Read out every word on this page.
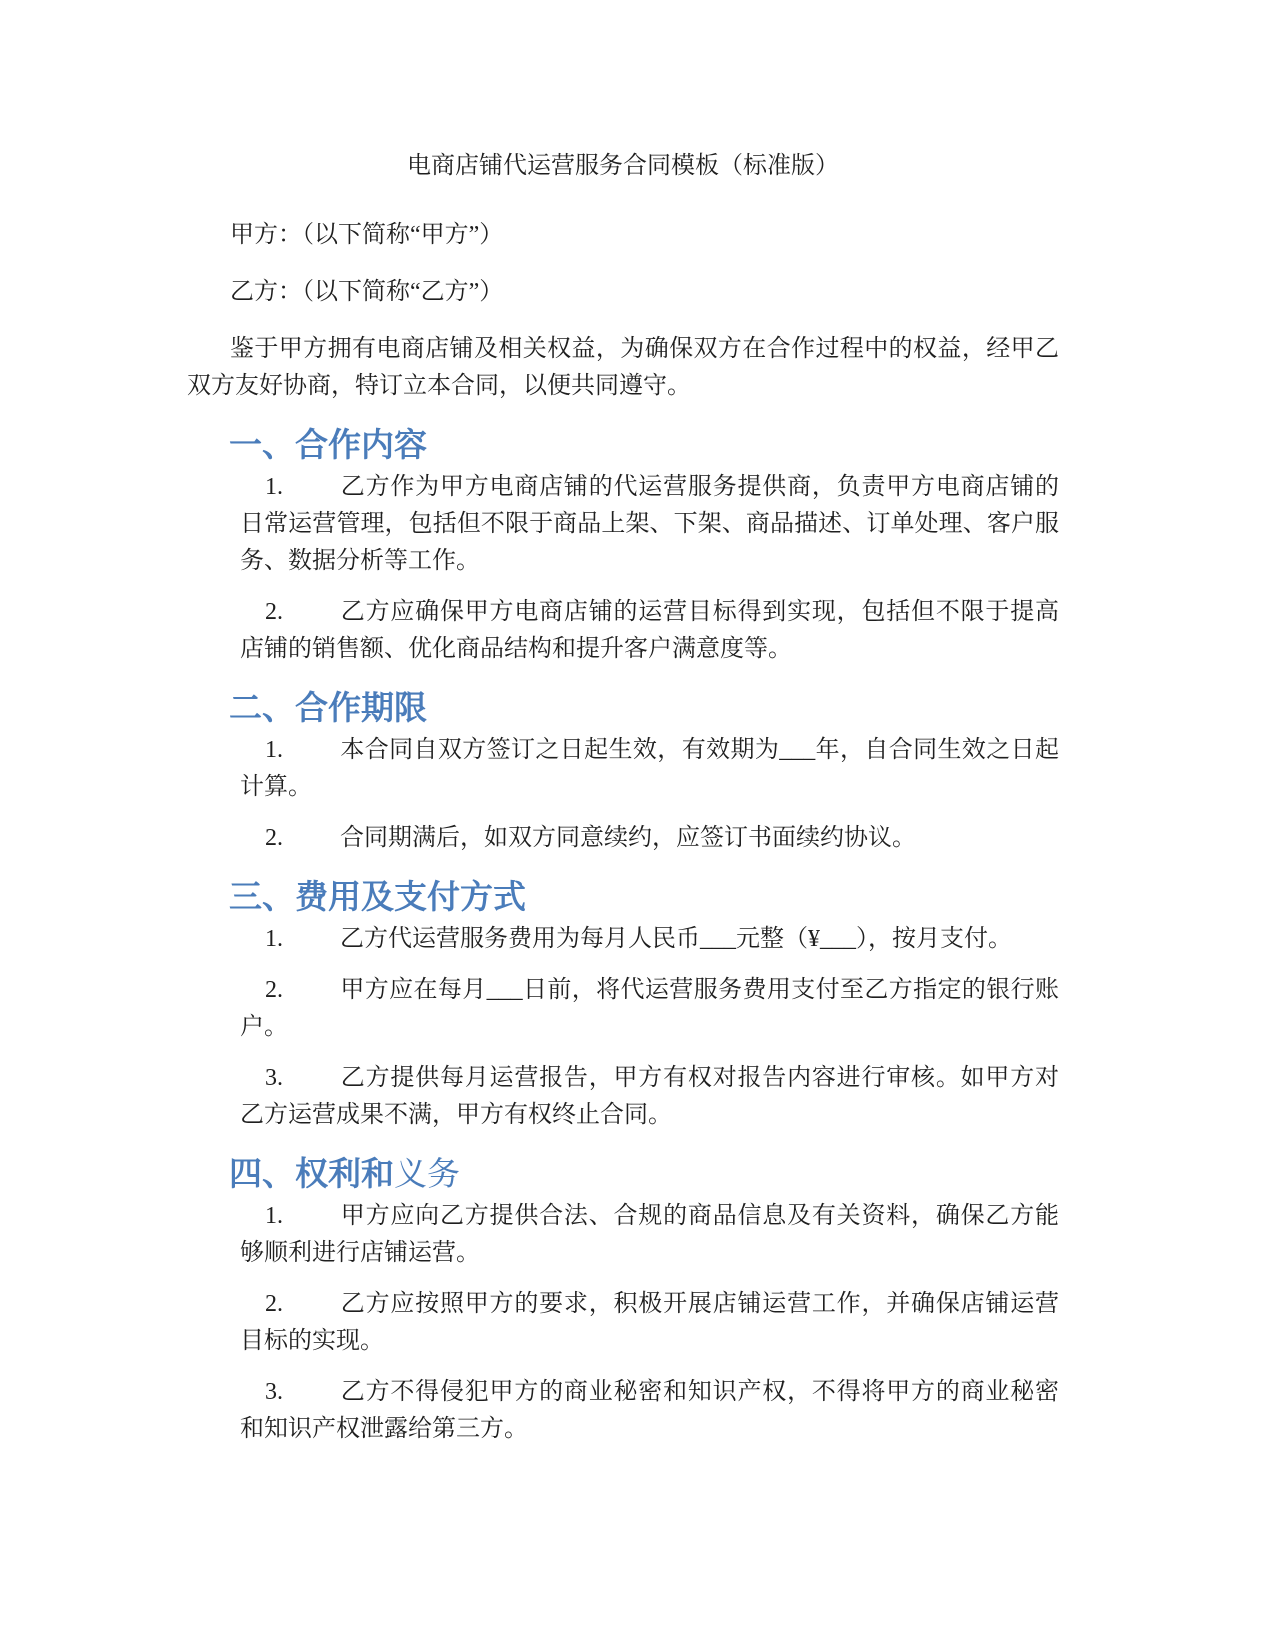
电商店铺代运营服务合同模板（标准版）

甲方：（以下简称“甲方”）

乙方：（以下简称“乙方”）

鉴于甲方拥有电商店铺及相关权益，为确保双方在合作过程中的权益，经甲乙双方友好协商，特订立本合同，以便共同遵守。

一、合作内容

1. 乙方作为甲方电商店铺的代运营服务提供商，负责甲方电商店铺的日常运营管理，包括但不限于商品上架、下架、商品描述、订单处理、客户服务、数据分析等工作。

2. 乙方应确保甲方电商店铺的运营目标得到实现，包括但不限于提高店铺的销售额、优化商品结构和提升客户满意度等。

二、合作期限

1. 本合同自双方签订之日起生效，有效期为___年，自合同生效之日起计算。

2. 合同期满后，如双方同意续约，应签订书面续约协议。

三、费用及支付方式

1. 乙方代运营服务费用为每月人民币___元整（¥___），按月支付。

2. 甲方应在每月___日前，将代运营服务费用支付至乙方指定的银行账户。

3. 乙方提供每月运营报告，甲方有权对报告内容进行审核。如甲方对乙方运营成果不满，甲方有权终止合同。

四、权利和义务

1. 甲方应向乙方提供合法、合规的商品信息及有关资料，确保乙方能够顺利进行店铺运营。

2. 乙方应按照甲方的要求，积极开展店铺运营工作，并确保店铺运营目标的实现。

3. 乙方不得侵犯甲方的商业秘密和知识产权，不得将甲方的商业秘密和知识产权泄露给第三方。
